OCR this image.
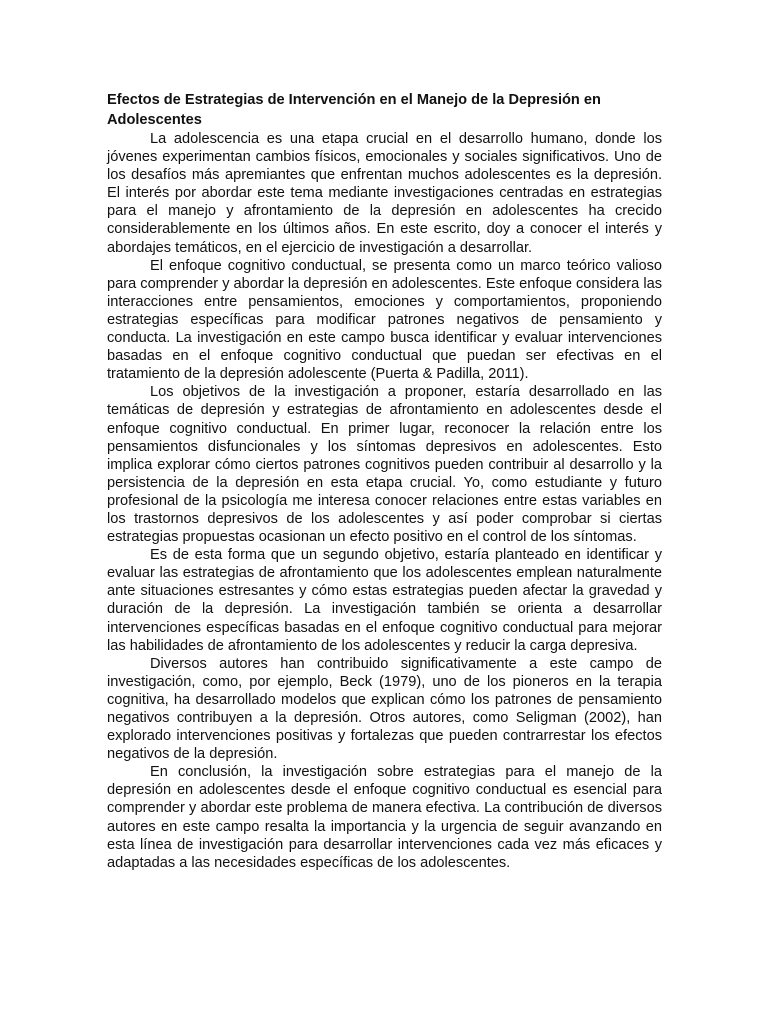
Efectos de Estrategias de Intervención en el Manejo de la Depresión en Adolescentes

La adolescencia es una etapa crucial en el desarrollo humano, donde los jóvenes experimentan cambios físicos, emocionales y sociales significativos. Uno de los desafíos más apremiantes que enfrentan muchos adolescentes es la depresión. El interés por abordar este tema mediante investigaciones centradas en estrategias para el manejo y afrontamiento de la depresión en adolescentes ha crecido considerablemente en los últimos años. En este escrito, doy a conocer el interés y abordajes temáticos, en el ejercicio de investigación a desarrollar.

El enfoque cognitivo conductual, se presenta como un marco teórico valioso para comprender y abordar la depresión en adolescentes. Este enfoque considera las interacciones entre pensamientos, emociones y comportamientos, proponiendo estrategias específicas para modificar patrones negativos de pensamiento y conducta. La investigación en este campo busca identificar y evaluar intervenciones basadas en el enfoque cognitivo conductual que puedan ser efectivas en el tratamiento de la depresión adolescente (Puerta & Padilla, 2011).

Los objetivos de la investigación a proponer, estaría desarrollado en las temáticas de depresión y estrategias de afrontamiento en adolescentes desde el enfoque cognitivo conductual. En primer lugar, reconocer la relación entre los pensamientos disfuncionales y los síntomas depresivos en adolescentes. Esto implica explorar cómo ciertos patrones cognitivos pueden contribuir al desarrollo y la persistencia de la depresión en esta etapa crucial. Yo, como estudiante y futuro profesional de la psicología me interesa conocer relaciones entre estas variables en los trastornos depresivos de los adolescentes y así poder comprobar si ciertas estrategias propuestas ocasionan un efecto positivo en el control de los síntomas.

Es de esta forma que un segundo objetivo, estaría planteado en identificar y evaluar las estrategias de afrontamiento que los adolescentes emplean naturalmente ante situaciones estresantes y cómo estas estrategias pueden afectar la gravedad y duración de la depresión. La investigación también se orienta a desarrollar intervenciones específicas basadas en el enfoque cognitivo conductual para mejorar las habilidades de afrontamiento de los adolescentes y reducir la carga depresiva.

Diversos autores han contribuido significativamente a este campo de investigación, como, por ejemplo, Beck (1979), uno de los pioneros en la terapia cognitiva, ha desarrollado modelos que explican cómo los patrones de pensamiento negativos contribuyen a la depresión. Otros autores, como Seligman (2002), han explorado intervenciones positivas y fortalezas que pueden contrarrestar los efectos negativos de la depresión.

En conclusión, la investigación sobre estrategias para el manejo de la depresión en adolescentes desde el enfoque cognitivo conductual es esencial para comprender y abordar este problema de manera efectiva. La contribución de diversos autores en este campo resalta la importancia y la urgencia de seguir avanzando en esta línea de investigación para desarrollar intervenciones cada vez más eficaces y adaptadas a las necesidades específicas de los adolescentes.
